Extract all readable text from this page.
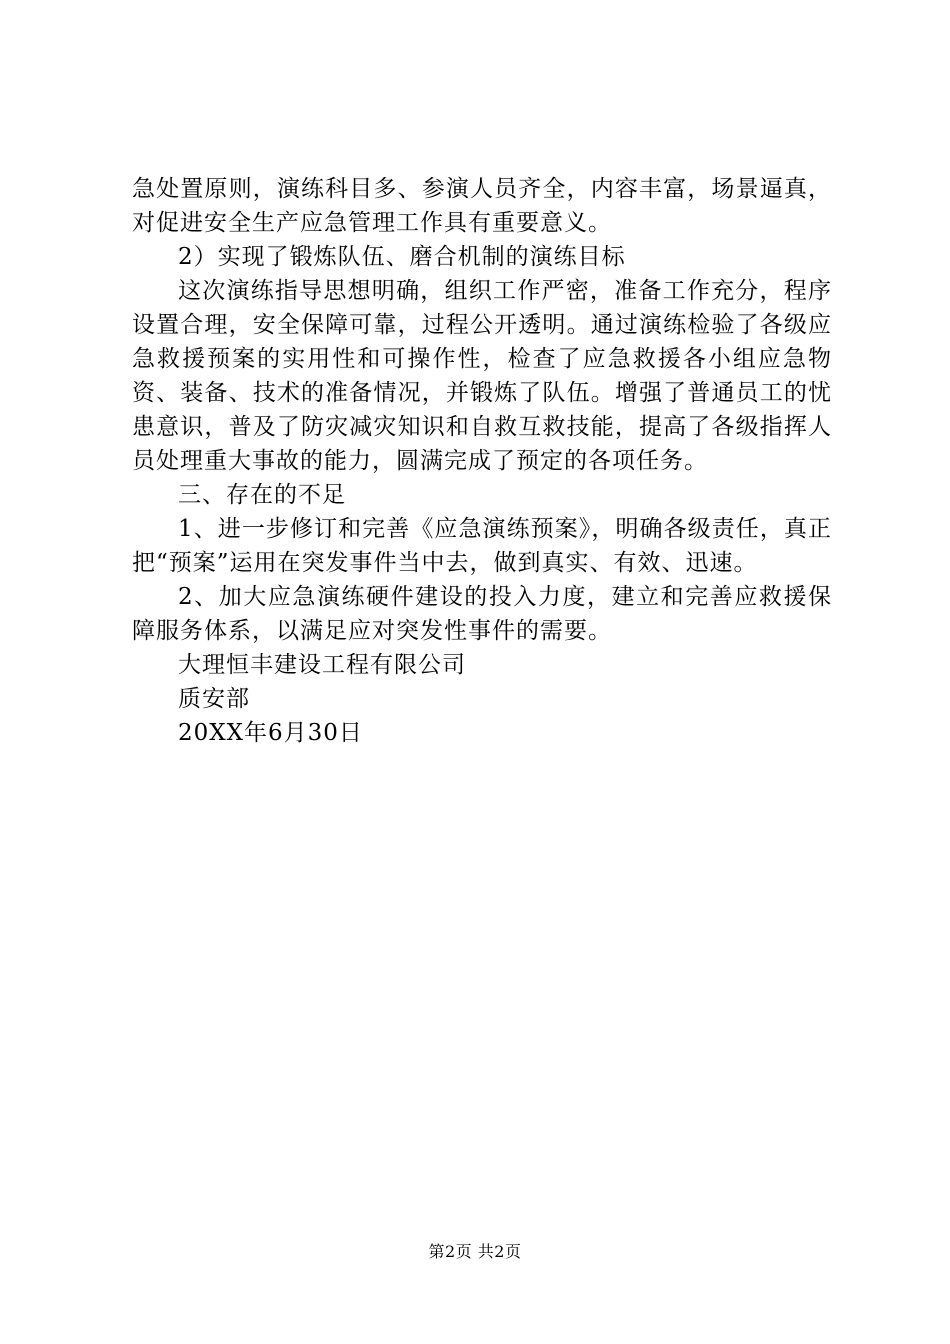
急处置原则，演练科目多、参演人员齐全，内容丰富，场景逼真，对促进安全生产应急管理工作具有重要意义。

2）实现了锻炼队伍、磨合机制的演练目标

这次演练指导思想明确，组织工作严密，准备工作充分，程序设置合理，安全保障可靠，过程公开透明。通过演练检验了各级应急救援预案的实用性和可操作性，检查了应急救援各小组应急物资、装备、技术的准备情况，并锻炼了队伍。增强了普通员工的忧患意识，普及了防灾减灾知识和自救互救技能，提高了各级指挥人员处理重大事故的能力，圆满完成了预定的各项任务。

三、存在的不足

1、进一步修订和完善《应急演练预案》，明确各级责任，真正把“预案”运用在突发事件当中去，做到真实、有效、迅速。

2、加大应急演练硬件建设的投入力度，建立和完善应救援保障服务体系，以满足应对突发性事件的需要。

大理恒丰建设工程有限公司

质安部

20XX年6月30日

第2页 共2页
